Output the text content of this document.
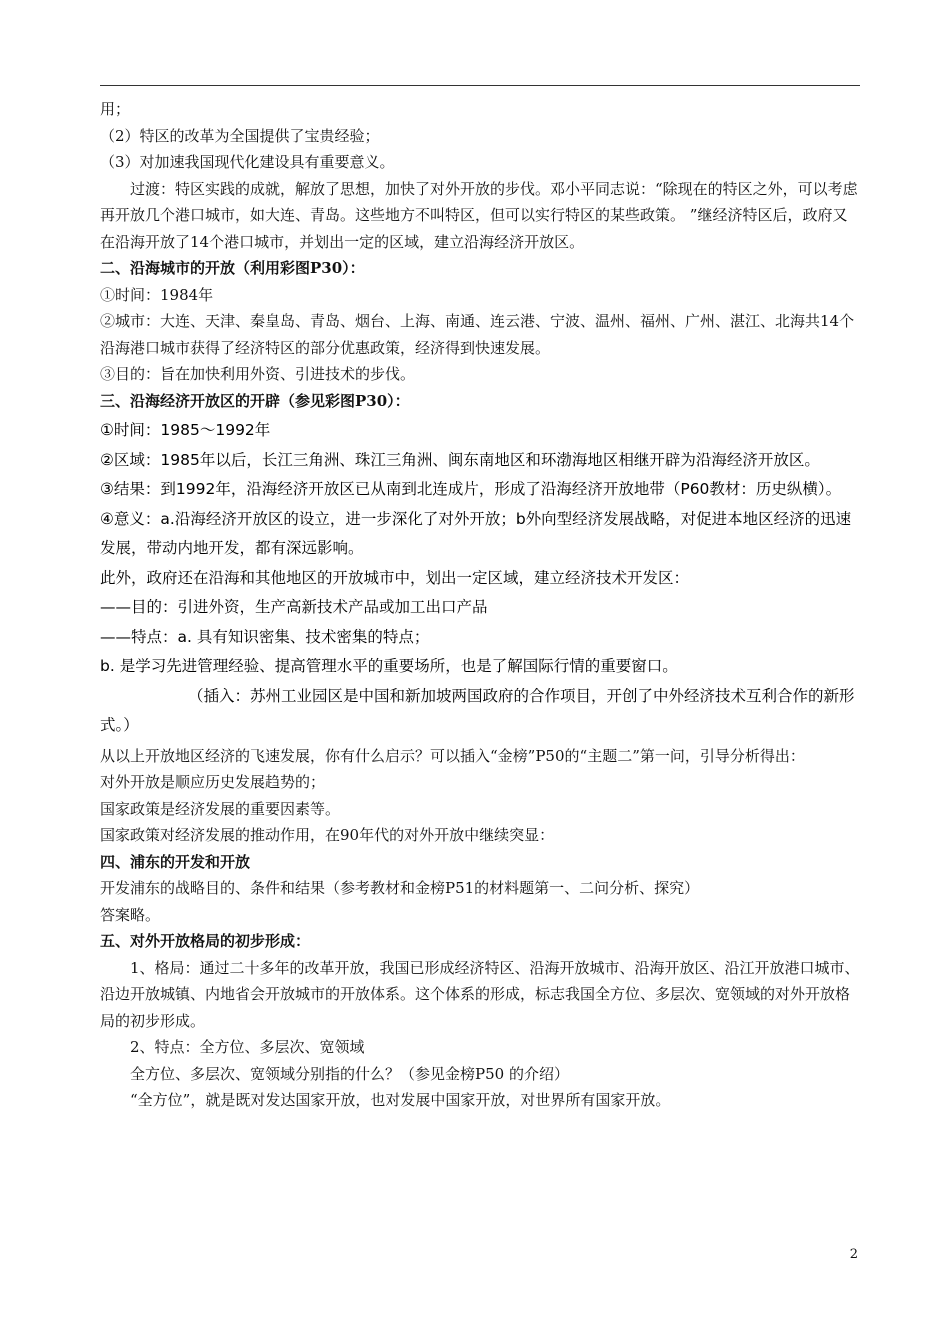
用；

（2）特区的改革为全国提供了宝贵经验；

（3）对加速我国现代化建设具有重要意义。

过渡：特区实践的成就，解放了思想，加快了对外开放的步伐。邓小平同志说：“除现在的特区之外，可以考虑再开放几个港口城市，如大连、青岛。这些地方不叫特区，但可以实行特区的某些政策。 ”继经济特区后，政府又在沿海开放了14个港口城市，并划出一定的区域，建立沿海经济开放区。

二、沿海城市的开放（利用彩图P30）：

①时间：1984年

②城市：大连、天津、秦皇岛、青岛、烟台、上海、南通、连云港、宁波、温州、福州、广州、湛江、北海共14个沿海港口城市获得了经济特区的部分优惠政策，经济得到快速发展。

③目的：旨在加快利用外资、引进技术的步伐。

三、沿海经济开放区的开辟（参见彩图P30）：

①时间：1985～1992年

②区域：1985年以后，长江三角洲、珠江三角洲、闽东南地区和环渤海地区相继开辟为沿海经济开放区。

③结果：到1992年，沿海经济开放区已从南到北连成片，形成了沿海经济开放地带（P60教材：历史纵横）。

④意义：a.沿海经济开放区的设立，进一步深化了对外开放；b外向型经济发展战略，对促进本地区经济的迅速发展，带动内地开发，都有深远影响。

此外，政府还在沿海和其他地区的开放城市中，划出一定区域，建立经济技术开发区：

——目的：引进外资，生产高新技术产品或加工出口产品

——特点：a. 具有知识密集、技术密集的特点；

b. 是学习先进管理经验、提高管理水平的重要场所，也是了解国际行情的重要窗口。

（插入：苏州工业园区是中国和新加坡两国政府的合作项目，开创了中外经济技术互利合作的新形式。）

从以上开放地区经济的飞速发展，你有什么启示？可以插入“金榜”P50的“主题二”第一问，引导分析得出：

对外开放是顺应历史发展趋势的；

国家政策是经济发展的重要因素等。

国家政策对经济发展的推动作用，在90年代的对外开放中继续突显：

四、浦东的开发和开放

开发浦东的战略目的、条件和结果（参考教材和金榜P51的材料题第一、二问分析、探究）

答案略。

五、对外开放格局的初步形成：

1、格局：通过二十多年的改革开放，我国已形成经济特区、沿海开放城市、沿海开放区、沿江开放港口城市、沿边开放城镇、内地省会开放城市的开放体系。这个体系的形成，标志我国全方位、多层次、宽领域的对外开放格局的初步形成。

2、特点：全方位、多层次、宽领域

全方位、多层次、宽领域分别指的什么？（参见金榜P50 的介绍）

“全方位”，就是既对发达国家开放，也对发展中国家开放，对世界所有国家开放。

2
